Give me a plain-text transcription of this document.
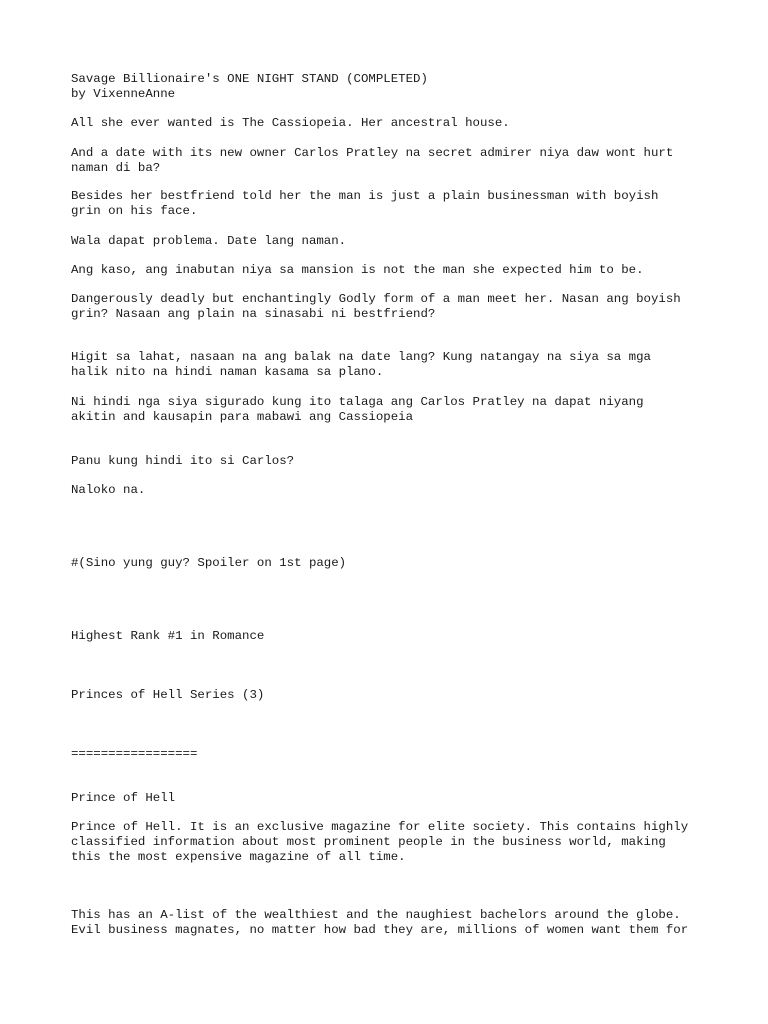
Savage Billionaire's ONE NIGHT STAND (COMPLETED)

by VixenneAnne

All she ever wanted is The Cassiopeia. Her ancestral house.

And a date with its new owner Carlos Pratley na secret admirer niya daw wont hurt

naman di ba?

Besides her bestfriend told her the man is just a plain businessman with boyish

grin on his face.

Wala dapat problema. Date lang naman.

Ang kaso, ang inabutan niya sa mansion is not the man she expected him to be.

Dangerously deadly but enchantingly Godly form of a man meet her. Nasan ang boyish

grin? Nasaan ang plain na sinasabi ni bestfriend?

Higit sa lahat, nasaan na ang balak na date lang? Kung natangay na siya sa mga

halik nito na hindi naman kasama sa plano.

Ni hindi nga siya sigurado kung ito talaga ang Carlos Pratley na dapat niyang

akitin and kausapin para mabawi ang Cassiopeia

Panu kung hindi ito si Carlos?

Naloko na.

#(Sino yung guy? Spoiler on 1st page)

Highest Rank #1 in Romance

Princes of Hell Series (3)

=================

Prince of Hell

Prince of Hell. It is an exclusive magazine for elite society. This contains highly

classified information about most prominent people in the business world, making

this the most expensive magazine of all time.

This has an A-list of the wealthiest and the naughiest bachelors around the globe.

Evil business magnates, no matter how bad they are, millions of women want them for
